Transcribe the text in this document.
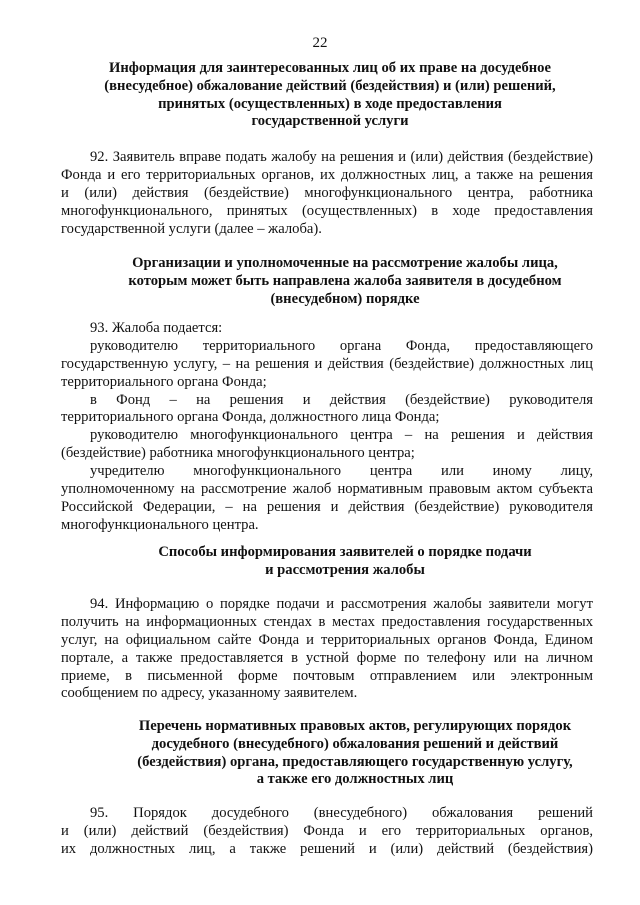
22
Информация для заинтересованных лиц об их праве на досудебное
(внесудебное) обжалование действий (бездействия) и (или) решений,
принятых (осуществленных) в ходе предоставления
государственной услуги
92. Заявитель вправе подать жалобу на решения и (или) действия (бездействие)
Фонда и его территориальных органов, их должностных лиц, а также на решения
и (или) действия (бездействие) многофункционального центра, работника
многофункционального, принятых (осуществленных) в ходе предоставления
государственной услуги (далее – жалоба).
Организации и уполномоченные на рассмотрение жалобы лица,
которым может быть направлена жалоба заявителя в досудебном
(внесудебном) порядке
93. Жалоба подается:
руководителю территориального органа Фонда, предоставляющего
государственную услугу, – на решения и действия (бездействие) должностных лиц
территориального органа Фонда;
в Фонд – на решения и действия (бездействие) руководителя
территориального органа Фонда, должностного лица Фонда;
руководителю многофункционального центра – на решения и действия
(бездействие) работника многофункционального центра;
учредителю многофункционального центра или иному лицу,
уполномоченному на рассмотрение жалоб нормативным правовым актом субъекта
Российской Федерации, – на решения и действия (бездействие) руководителя
многофункционального центра.
Способы информирования заявителей о порядке подачи
и рассмотрения жалобы
94. Информацию о порядке подачи и рассмотрения жалобы заявители могут
получить на информационных стендах в местах предоставления государственных
услуг, на официальном сайте Фонда и территориальных органов Фонда, Едином
портале, а также предоставляется в устной форме по телефону или на личном
приеме, в письменной форме почтовым отправлением или электронным
сообщением по адресу, указанному заявителем.
Перечень нормативных правовых актов, регулирующих порядок
досудебного (внесудебного) обжалования решений и действий
(бездействия) органа, предоставляющего государственную услугу,
а также его должностных лиц
95. Порядок досудебного (внесудебного) обжалования решений
и (или) действий (бездействия) Фонда и его территориальных органов,
их должностных лиц, а также решений и (или) действий (бездействия)
